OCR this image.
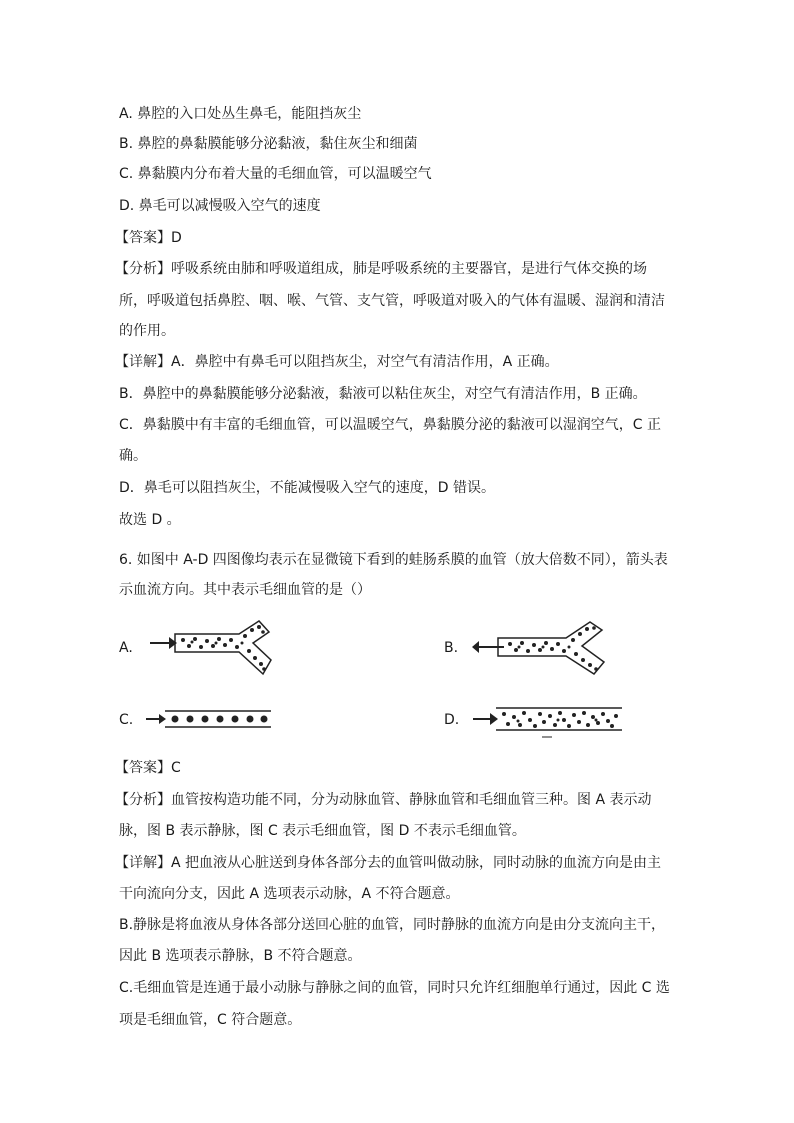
A. 鼻腔的入口处丛生鼻毛，能阻挡灰尘
B. 鼻腔的鼻黏膜能够分泌黏液，黏住灰尘和细菌
C. 鼻黏膜内分布着大量的毛细血管，可以温暖空气
D. 鼻毛可以减慢吸入空气的速度
【答案】D
【分析】呼吸系统由肺和呼吸道组成，肺是呼吸系统的主要器官，是进行气体交换的场
所，呼吸道包括鼻腔、咽、喉、气管、支气管，呼吸道对吸入的气体有温暖、湿润和清洁
的作用。
【详解】A．鼻腔中有鼻毛可以阻挡灰尘，对空气有清洁作用，A 正确。
B．鼻腔中的鼻黏膜能够分泌黏液，黏液可以粘住灰尘，对空气有清洁作用，B 正确。
C．鼻黏膜中有丰富的毛细血管，可以温暖空气，鼻黏膜分泌的黏液可以湿润空气，C 正
确。
D．鼻毛可以阻挡灰尘，不能减慢吸入空气的速度，D 错误。
故选 D 。
6. 如图中 A-D 四图像均表示在显微镜下看到的蛙肠系膜的血管（放大倍数不同），箭头表
示血流方向。其中表示毛细血管的是（）
A.	B.
C.	D.
【答案】C
【分析】血管按构造功能不同，分为动脉血管、静脉血管和毛细血管三种。图 A 表示动
脉，图 B 表示静脉，图 C 表示毛细血管，图 D 不表示毛细血管。
【详解】A 把血液从心脏送到身体各部分去的血管叫做动脉，同时动脉的血流方向是由主
干向流向分支，因此 A 选项表示动脉，A 不符合题意。
B.静脉是将血液从身体各部分送回心脏的血管，同时静脉的血流方向是由分支流向主干，
因此 B 选项表示静脉，B 不符合题意。
C.毛细血管是连通于最小动脉与静脉之间的血管，同时只允许红细胞单行通过，因此 C 选
项是毛细血管，C 符合题意。
